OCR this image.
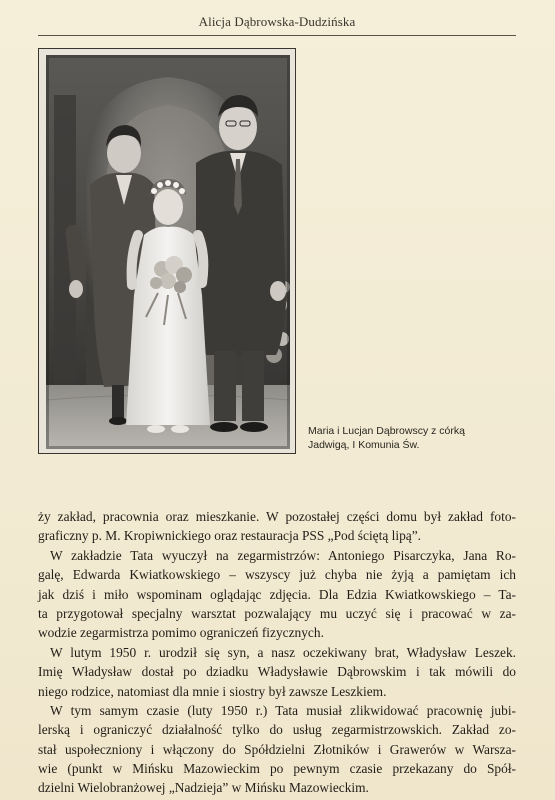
Alicja Dąbrowska-Dudzińska
Maria i Lucjan Dąbrowscy z córką
Jadwigą, I Komunia Św.
ży zakład, pracownia oraz mieszkanie. W pozostałej części domu był zakład foto-
graficzny p. M. Kropiwnickiego oraz restauracja PSS „Pod ściętą lipą”.
W zakładzie Tata wyuczył na zegarmistrzów: Antoniego Pisarczyka, Jana Ro-
galę, Edwarda Kwiatkowskiego – wszyscy już chyba nie żyją a pamiętam ich
jak dziś i miło wspominam oglądając zdjęcia. Dla Edzia Kwiatkowskiego – Ta-
ta przygotował specjalny warsztat pozwalający mu uczyć się i pracować w za-
wodzie zegarmistrza pomimo ograniczeń fizycznych.
W lutym 1950 r. urodził się syn, a nasz oczekiwany brat, Władysław Leszek.
Imię Władysław dostał po dziadku Władysławie Dąbrowskim i tak mówili do
niego rodzice, natomiast dla mnie i siostry był zawsze Leszkiem.
W tym samym czasie (luty 1950 r.) Tata musiał zlikwidować pracownię jubi-
lerską i ograniczyć działalność tylko do usług zegarmistrzowskich. Zakład zo-
stał uspołeczniony i włączony do Spółdzielni Złotników i Grawerów w Warsza-
wie (punkt w Mińsku Mazowieckim po pewnym czasie przekazany do Spół-
dzielni Wielobranżowej „Nadzieja” w Mińsku Mazowieckim.
